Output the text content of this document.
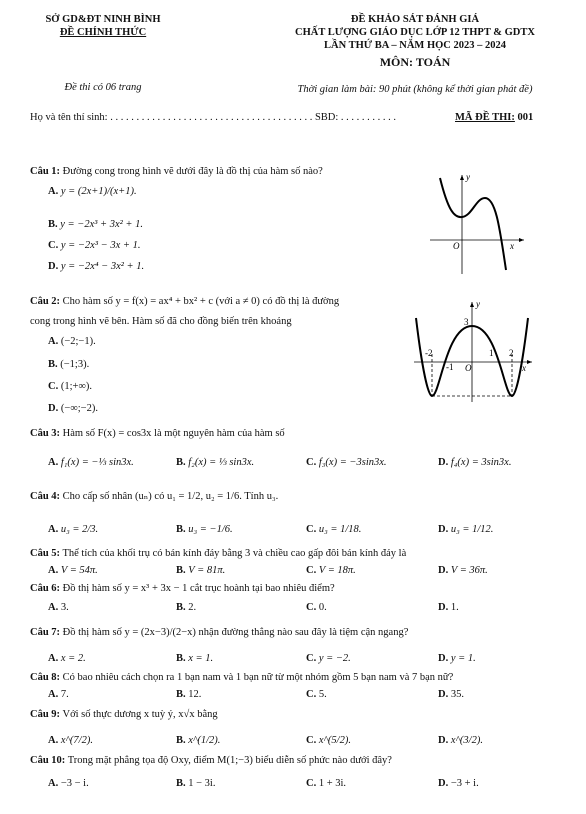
SỞ GD&ĐT NINH BÌNH
ĐỀ CHÍNH THỨC
Đề thi có 06 trang
ĐỀ KHẢO SÁT ĐÁNH GIÁ
CHẤT LƯỢNG GIÁO DỤC LỚP 12 THPT & GDTX
LẦN THỨ BA – NĂM HỌC 2023 – 2024
MÔN: TOÁN
Thời gian làm bài: 90 phút (không kể thời gian phát đề)
Họ và tên thí sinh: . . . . . . . . . . . . . . . . . . . . . . . . . . . . . . . . . . . . . . . SBD: . . . . . . . . . . .	MÃ ĐỀ THI: 001
Câu 1: Đường cong trong hình vẽ dưới đây là đồ thị của hàm số nào?
A. y = (2x+1)/(x+1).
B. y = −2x³ + 3x² + 1.
C. y = −2x³ − 3x + 1.
D. y = −2x⁴ − 3x² + 1.
y
x
O
Câu 2: Cho hàm số y = f(x) = ax⁴ + bx² + c (với a ≠ 0) có đồ thị là đường
cong trong hình vẽ bên. Hàm số đã cho đồng biến trên khoảng
A. (−2;−1).
B. (−1;3).
C. (1;+∞).
D. (−∞;−2).
y
x
O
3
-2
-1
1 2
Câu 3: Hàm số F(x) = cos3x là một nguyên hàm của hàm số
A. f₁(x) = −⅓ sin3x.	B. f₂(x) = ⅓ sin3x.	C. f₃(x) = −3sin3x.	D. f₄(x) = 3sin3x.
Câu 4: Cho cấp số nhân (uₙ) có u₁ = 1/2, u₂ = 1/6. Tính u₃.
A. u₃ = 2/3.	B. u₃ = −1/6.	C. u₃ = 1/18.	D. u₃ = 1/12.
Câu 5: Thể tích của khối trụ có bán kính đáy bằng 3 và chiều cao gấp đôi bán kính đáy là
A. V = 54π.	B. V = 81π.	C. V = 18π.	D. V = 36π.
Câu 6: Đồ thị hàm số y = x³ + 3x − 1 cắt trục hoành tại bao nhiêu điểm?
A. 3.	B. 2.	C. 0.	D. 1.
Câu 7: Đồ thị hàm số y = (2x−3)/(2−x) nhận đường thẳng nào sau đây là tiệm cận ngang?
A. x = 2.	B. x = 1.	C. y = −2.	D. y = 1.
Câu 8: Có bao nhiêu cách chọn ra 1 bạn nam và 1 bạn nữ từ một nhóm gồm 5 bạn nam và 7 bạn nữ?
A. 7.	B. 12.	C. 5.	D. 35.
Câu 9: Với số thực dương x tuỳ ý, x√x bằng
A. x^(7/2).	B. x^(1/2).	C. x^(5/2).	D. x^(3/2).
Câu 10: Trong mặt phẳng tọa độ Oxy, điểm M(1;−3) biểu diễn số phức nào dưới đây?
A. −3 − i.	B. 1 − 3i.	C. 1 + 3i.	D. −3 + i.
